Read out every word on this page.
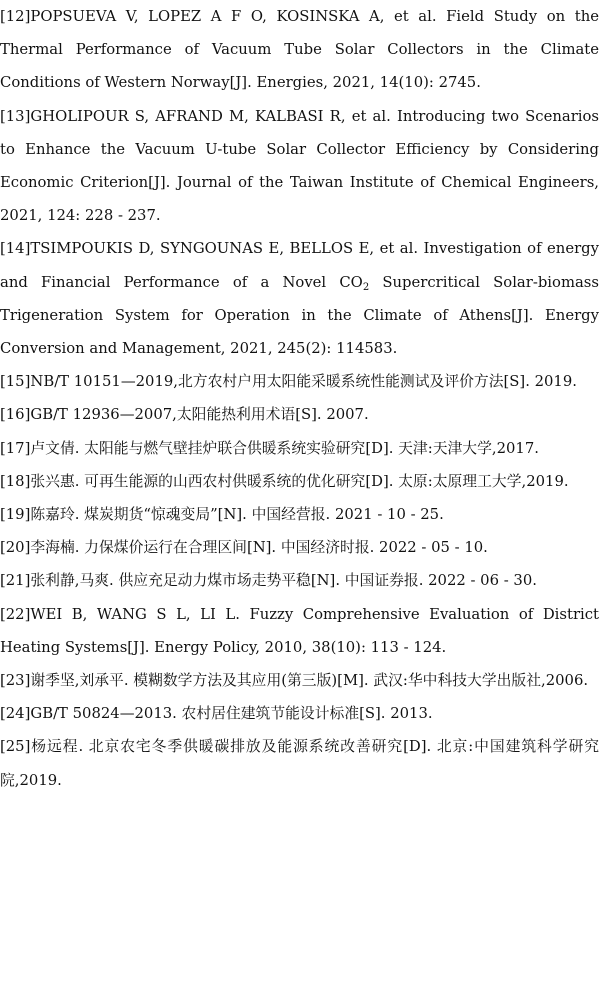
[12]POPSUEVA V, LOPEZ A F O, KOSINSKA A, et al. Field Study on the Thermal Performance of Vacuum Tube Solar Collectors in the Climate Conditions of Western Norway[J]. Energies, 2021, 14(10): 2745.

[13]GHOLIPOUR S, AFRAND M, KALBASI R, et al. Introducing two Scenarios to Enhance the Vacuum U-tube Solar Collector Efficiency by Considering Economic Criterion[J]. Journal of the Taiwan Institute of Chemical Engineers, 2021, 124: 228 - 237.

[14]TSIMPOUKIS D, SYNGOUNAS E, BELLOS E, et al. Investigation of energy and Financial Performance of a Novel $CO_2$ Supercritical Solar-biomass Trigeneration System for Operation in the Climate of Athens[J]. Energy Conversion and Management, 2021, 245(2): 114583.

[15]NB/T 10151—2019,北方农村户用太阳能采暖系统性能测试及评价方法[S]. 2019.

[16]GB/T 12936—2007,太阳能热利用术语[S]. 2007.

[17]卢文倩. 太阳能与燃气壁挂炉联合供暖系统实验研究[D]. 天津:天津大学,2017.

[18]张兴惠. 可再生能源的山西农村供暖系统的优化研究[D]. 太原:太原理工大学,2019.

[19]陈嘉玲. 煤炭期货“惊魂变局”[N]. 中国经营报. 2021 - 10 - 25.

[20]李海楠. 力保煤价运行在合理区间[N]. 中国经济时报. 2022 - 05 - 10.

[21]张利静,马爽. 供应充足动力煤市场走势平稳[N]. 中国证券报. 2022 - 06 - 30.

[22]WEI B, WANG S L, LI L. Fuzzy Comprehensive Evaluation of District Heating Systems[J]. Energy Policy, 2010, 38(10): 113 - 124.

[23]谢季坚,刘承平. 模糊数学方法及其应用(第三版)[M]. 武汉:华中科技大学出版社,2006.

[24]GB/T 50824—2013. 农村居住建筑节能设计标准[S]. 2013.

[25]杨远程. 北京农宅冬季供暖碳排放及能源系统改善研究[D]. 北京:中国建筑科学研究院,2019.
